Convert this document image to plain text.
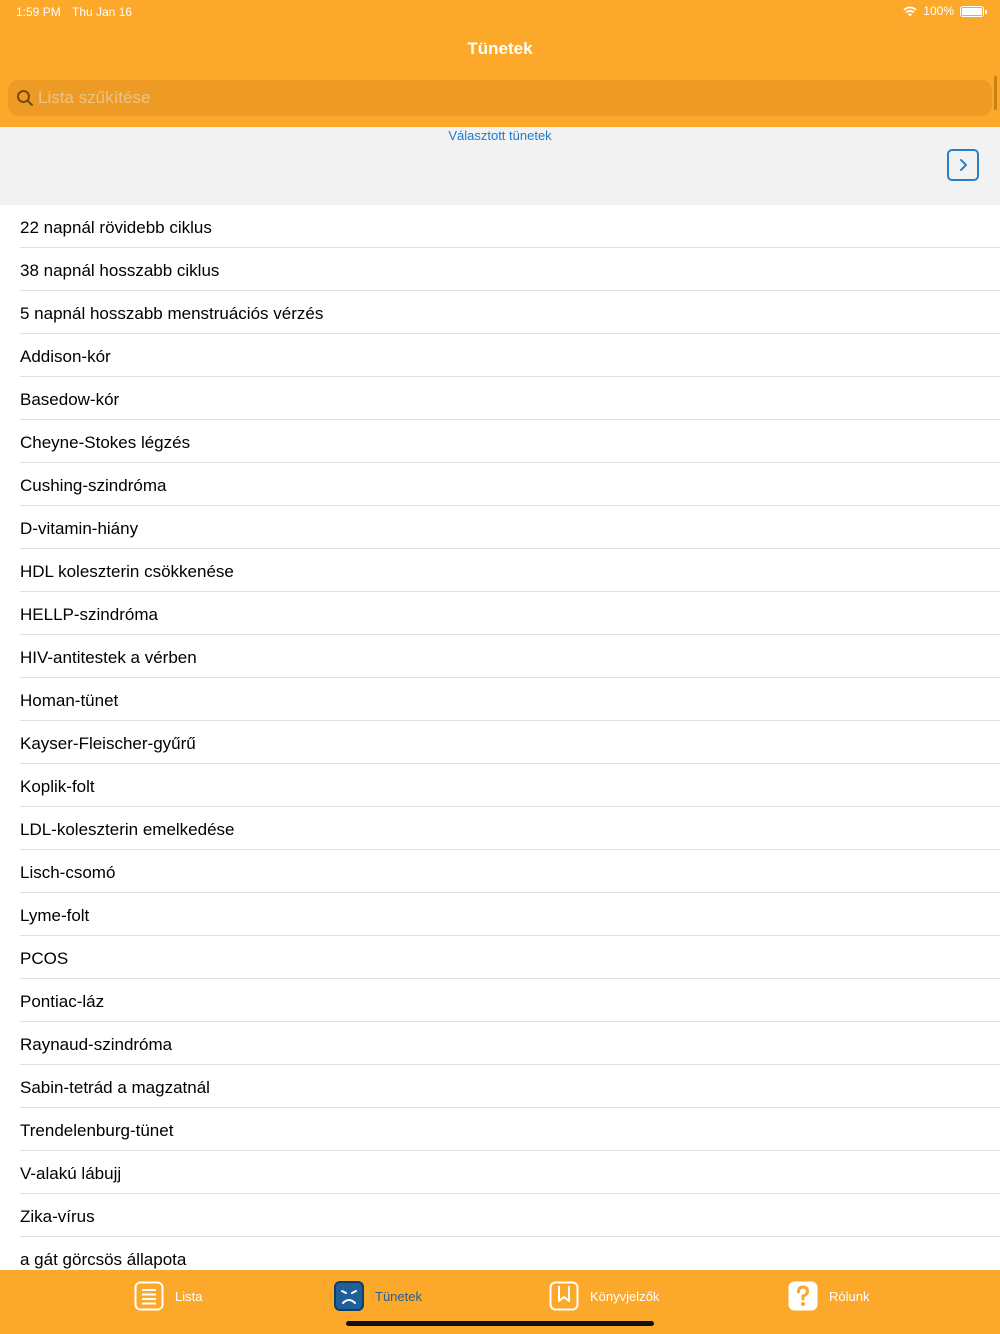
1:59 PM Thu Jan 16	100%
Tünetek
Lista szűkítése
Választott tünetek
22 napnál rövidebb ciklus
38 napnál hosszabb ciklus
5 napnál hosszabb menstruációs vérzés
Addison-kór
Basedow-kór
Cheyne-Stokes légzés
Cushing-szindróma
D-vitamin-hiány
HDL koleszterin csökkenése
HELLP-szindróma
HIV-antitestek a vérben
Homan-tünet
Kayser-Fleischer-gyűrű
Koplik-folt
LDL-koleszterin emelkedése
Lisch-csomó
Lyme-folt
PCOS
Pontiac-láz
Raynaud-szindróma
Sabin-tetrád a magzatnál
Trendelenburg-tünet
V-alakú lábujj
Zika-vírus
a gát görcsös állapota
Lista	Tünetek	Könyvjelzők	Rólunk
